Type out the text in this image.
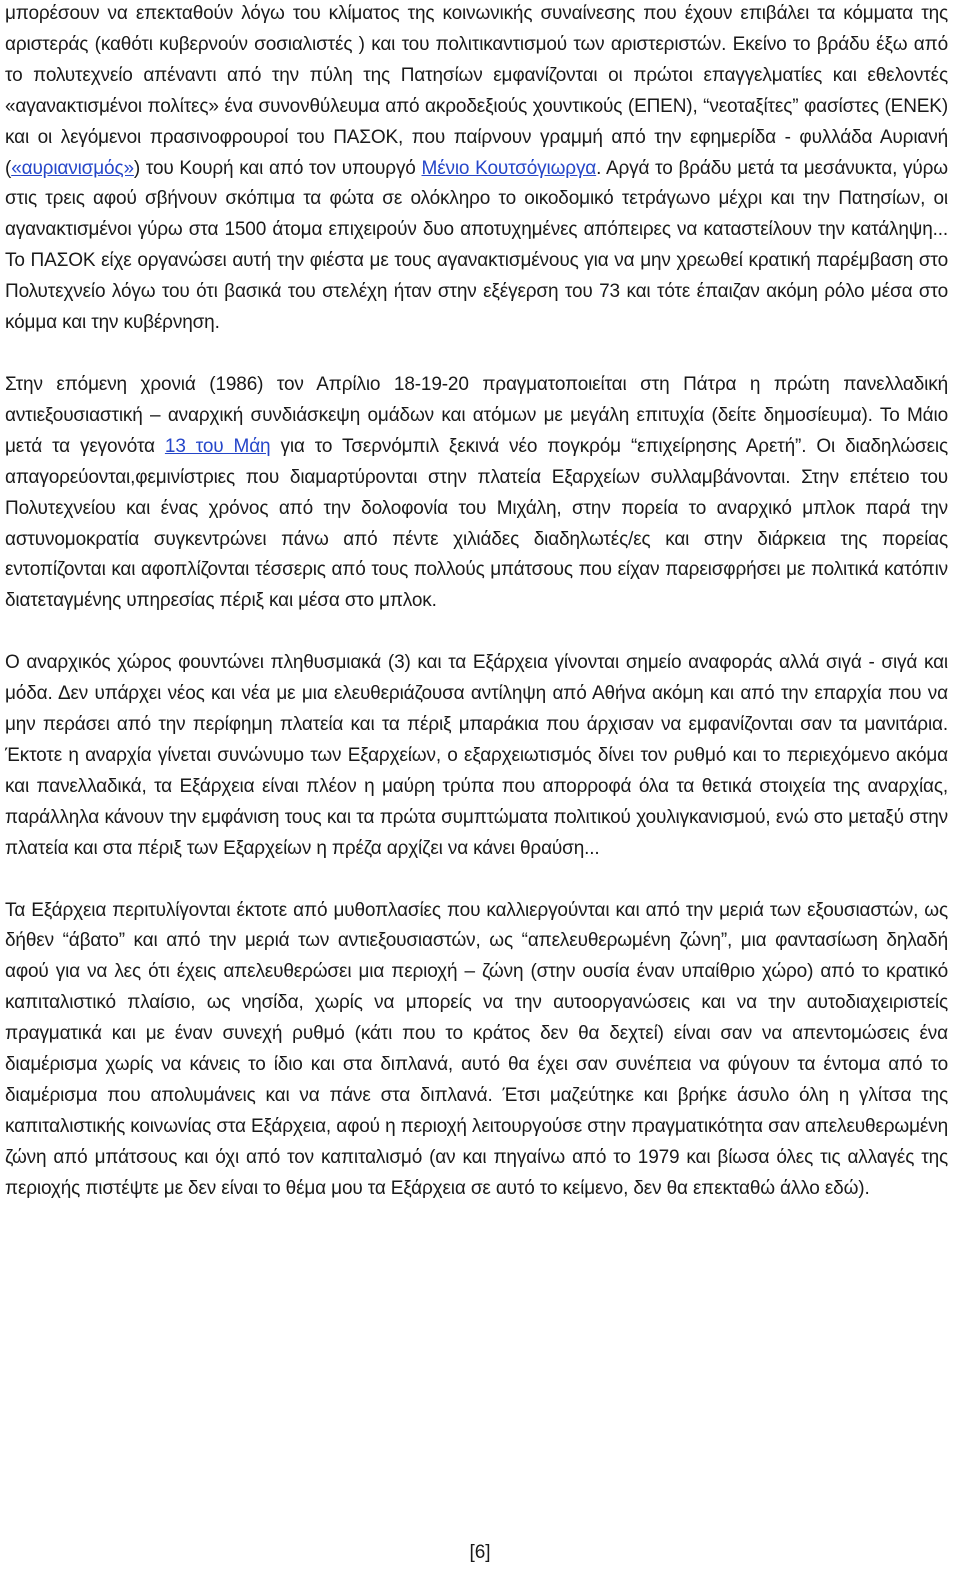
μπορέσουν να επεκταθούν λόγω του κλίματος της κοινωνικής συναίνεσης που έχουν επιβάλει τα κόμματα της αριστεράς (καθότι κυβερνούν σοσιαλιστές ) και του πολιτικαντισμού των αριστεριστών. Εκείνο το βράδυ έξω από το πολυτεχνείο απέναντι από την πύλη της Πατησίων εμφανίζονται οι πρώτοι επαγγελματίες και εθελοντές «αγανακτισμένοι πολίτες» ένα συνονθύλευμα από ακροδεξιούς χουντικούς (ΕΠΕΝ), “νεοταξίτες” φασίστες (ΕΝΕΚ) και οι λεγόμενοι πρασινοφρουροί του ΠΑΣΟΚ, που παίρνουν γραμμή από την εφημερίδα - φυλλάδα Αυριανή («αυριανισμός») του Κουρή και από τον υπουργό Μένιο Κουτσόγιωργα. Αργά το βράδυ μετά τα μεσάνυκτα, γύρω στις τρεις αφού σβήνουν σκόπιμα τα φώτα σε ολόκληρο το οικοδομικό τετράγωνο μέχρι και την Πατησίων, οι αγανακτισμένοι γύρω στα 1500 άτομα επιχειρούν δυο αποτυχημένες απόπειρες να καταστείλουν την κατάληψη... Το ΠΑΣΟΚ είχε οργανώσει αυτή την φιέστα με τους αγανακτισμένους για να μην χρεωθεί κρατική παρέμβαση στο Πολυτεχνείο λόγω του ότι βασικά του στελέχη ήταν στην εξέγερση του 73 και τότε έπαιζαν ακόμη ρόλο μέσα στο κόμμα και την κυβέρνηση.

Στην επόμενη χρονιά (1986) τον Απρίλιο 18-19-20 πραγματοποιείται στη Πάτρα η πρώτη πανελλαδική αντιεξουσιαστική – αναρχική συνδιάσκεψη ομάδων και ατόμων με μεγάλη επιτυχία (δείτε δημοσίευμα). Το Μάιο μετά τα γεγονότα 13 του Μάη για το Τσερνόμπιλ ξεκινά νέο πογκρόμ “επιχείρησης Αρετή”. Οι διαδηλώσεις απαγορεύονται,φεμινίστριες που διαμαρτύρονται στην πλατεία Εξαρχείων συλλαμβάνονται. Στην επέτειο του Πολυτεχνείου και ένας χρόνος από την δολοφονία του Μιχάλη, στην πορεία το αναρχικό μπλοκ παρά την αστυνομοκρατία συγκεντρώνει πάνω από πέντε χιλιάδες διαδηλωτές/ες και στην διάρκεια της πορείας εντοπίζονται και αφοπλίζονται τέσσερις από τους πολλούς μπάτσους που είχαν παρεισφρήσει με πολιτικά κατόπιν διατεταγμένης υπηρεσίας πέριξ και μέσα στο μπλοκ.

Ο αναρχικός χώρος φουντώνει πληθυσμιακά (3) και τα Εξάρχεια γίνονται σημείο αναφοράς αλλά σιγά - σιγά και μόδα. Δεν υπάρχει νέος και νέα με μια ελευθεριάζουσα αντίληψη από Αθήνα ακόμη και από την επαρχία που να μην περάσει από την περίφημη πλατεία και τα πέριξ μπαράκια που άρχισαν να εμφανίζονται σαν τα μανιτάρια. Έκτοτε η αναρχία γίνεται συνώνυμο των Εξαρχείων, ο εξαρχειωτισμός δίνει τον ρυθμό και το περιεχόμενο ακόμα και πανελλαδικά, τα Εξάρχεια είναι πλέον η μαύρη τρύπα που απορροφά όλα τα θετικά στοιχεία της αναρχίας, παράλληλα κάνουν την εμφάνιση τους και τα πρώτα συμπτώματα πολιτικού χουλιγκανισμού, ενώ στο μεταξύ στην πλατεία και στα πέριξ των Εξαρχείων η πρέζα αρχίζει να κάνει θραύση...

Τα Εξάρχεια περιτυλίγονται έκτοτε από μυθοπλασίες που καλλιεργούνται και από την μεριά των εξουσιαστών, ως δήθεν “άβατο” και από την μεριά των αντιεξουσιαστών, ως “απελευθερωμένη ζώνη”, μια φαντασίωση δηλαδή αφού για να λες ότι έχεις απελευθερώσει μια περιοχή – ζώνη (στην ουσία έναν υπαίθριο χώρο) από το κρατικό καπιταλιστικό πλαίσιο, ως νησίδα, χωρίς να μπορείς να την αυτοοργανώσεις και να την αυτοδιαχειριστείς πραγματικά και με έναν συνεχή ρυθμό (κάτι που το κράτος δεν θα δεχτεί) είναι σαν να απεντομώσεις ένα διαμέρισμα χωρίς να κάνεις το ίδιο και στα διπλανά, αυτό θα έχει σαν συνέπεια να φύγουν τα έντομα από το διαμέρισμα που απολυμάνεις και να πάνε στα διπλανά. Έτσι μαζεύτηκε και βρήκε άσυλο όλη η γλίτσα της καπιταλιστικής κοινωνίας στα Εξάρχεια, αφού η περιοχή λειτουργούσε στην πραγματικότητα σαν απελευθερωμένη ζώνη από μπάτσους και όχι από τον καπιταλισμό (αν και πηγαίνω από το 1979 και βίωσα όλες τις αλλαγές της περιοχής πιστέψτε με δεν είναι το θέμα μου τα Εξάρχεια σε αυτό το κείμενο, δεν θα επεκταθώ άλλο εδώ).

[6]
